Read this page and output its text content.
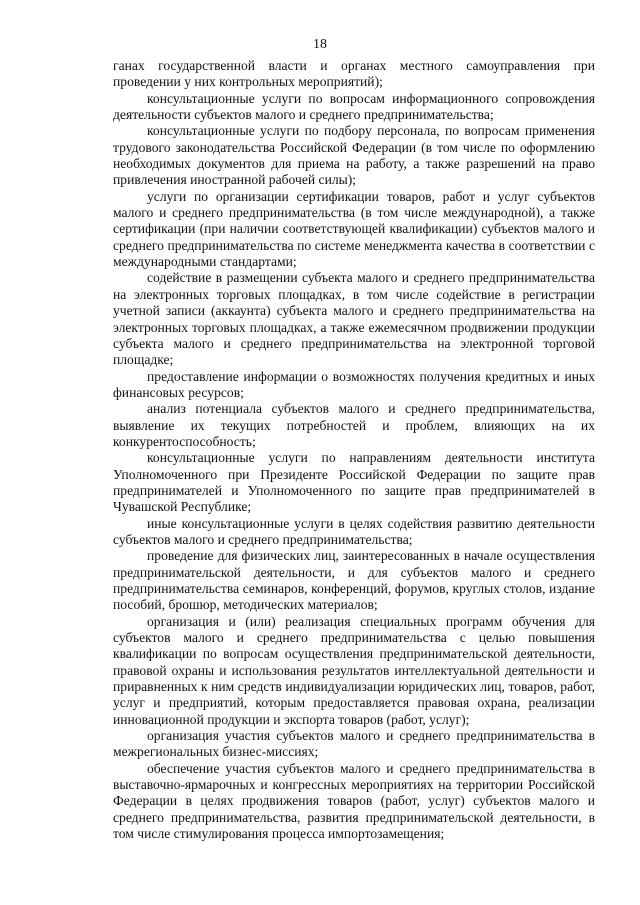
18

ганах государственной власти и органах местного самоуправления при проведении у них контрольных мероприятий);

консультационные услуги по вопросам информационного сопровождения деятельности субъектов малого и среднего предпринимательства;

консультационные услуги по подбору персонала, по вопросам применения трудового законодательства Российской Федерации (в том числе по оформлению необходимых документов для приема на работу, а также разрешений на право привлечения иностранной рабочей силы);

услуги по организации сертификации товаров, работ и услуг субъектов малого и среднего предпринимательства (в том числе международной), а также сертификации (при наличии соответствующей квалификации) субъектов малого и среднего предпринимательства по системе менеджмента качества в соответствии с международными стандартами;

содействие в размещении субъекта малого и среднего предпринимательства на электронных торговых площадках, в том числе содействие в регистрации учетной записи (аккаунта) субъекта малого и среднего предпринимательства на электронных торговых площадках, а также ежемесячном продвижении продукции субъекта малого и среднего предпринимательства на электронной торговой площадке;

предоставление информации о возможностях получения кредитных и иных финансовых ресурсов;

анализ потенциала субъектов малого и среднего предпринимательства, выявление их текущих потребностей и проблем, влияющих на их конкурентоспособность;

консультационные услуги по направлениям деятельности института Уполномоченного при Президенте Российской Федерации по защите прав предпринимателей и Уполномоченного по защите прав предпринимателей в Чувашской Республике;

иные консультационные услуги в целях содействия развитию деятельности субъектов малого и среднего предпринимательства;

проведение для физических лиц, заинтересованных в начале осуществления предпринимательской деятельности, и для субъектов малого и среднего предпринимательства семинаров, конференций, форумов, круглых столов, издание пособий, брошюр, методических материалов;

организация и (или) реализация специальных программ обучения для субъектов малого и среднего предпринимательства с целью повышения квалификации по вопросам осуществления предпринимательской деятельности, правовой охраны и использования результатов интеллектуальной деятельности и приравненных к ним средств индивидуализации юридических лиц, товаров, работ, услуг и предприятий, которым предоставляется правовая охрана, реализации инновационной продукции и экспорта товаров (работ, услуг);

организация участия субъектов малого и среднего предпринимательства в межрегиональных бизнес-миссиях;

обеспечение участия субъектов малого и среднего предпринимательства в выставочно-ярмарочных и конгрессных мероприятиях на территории Российской Федерации в целях продвижения товаров (работ, услуг) субъектов малого и среднего предпринимательства, развития предпринимательской деятельности, в том числе стимулирования процесса импортозамещения;
